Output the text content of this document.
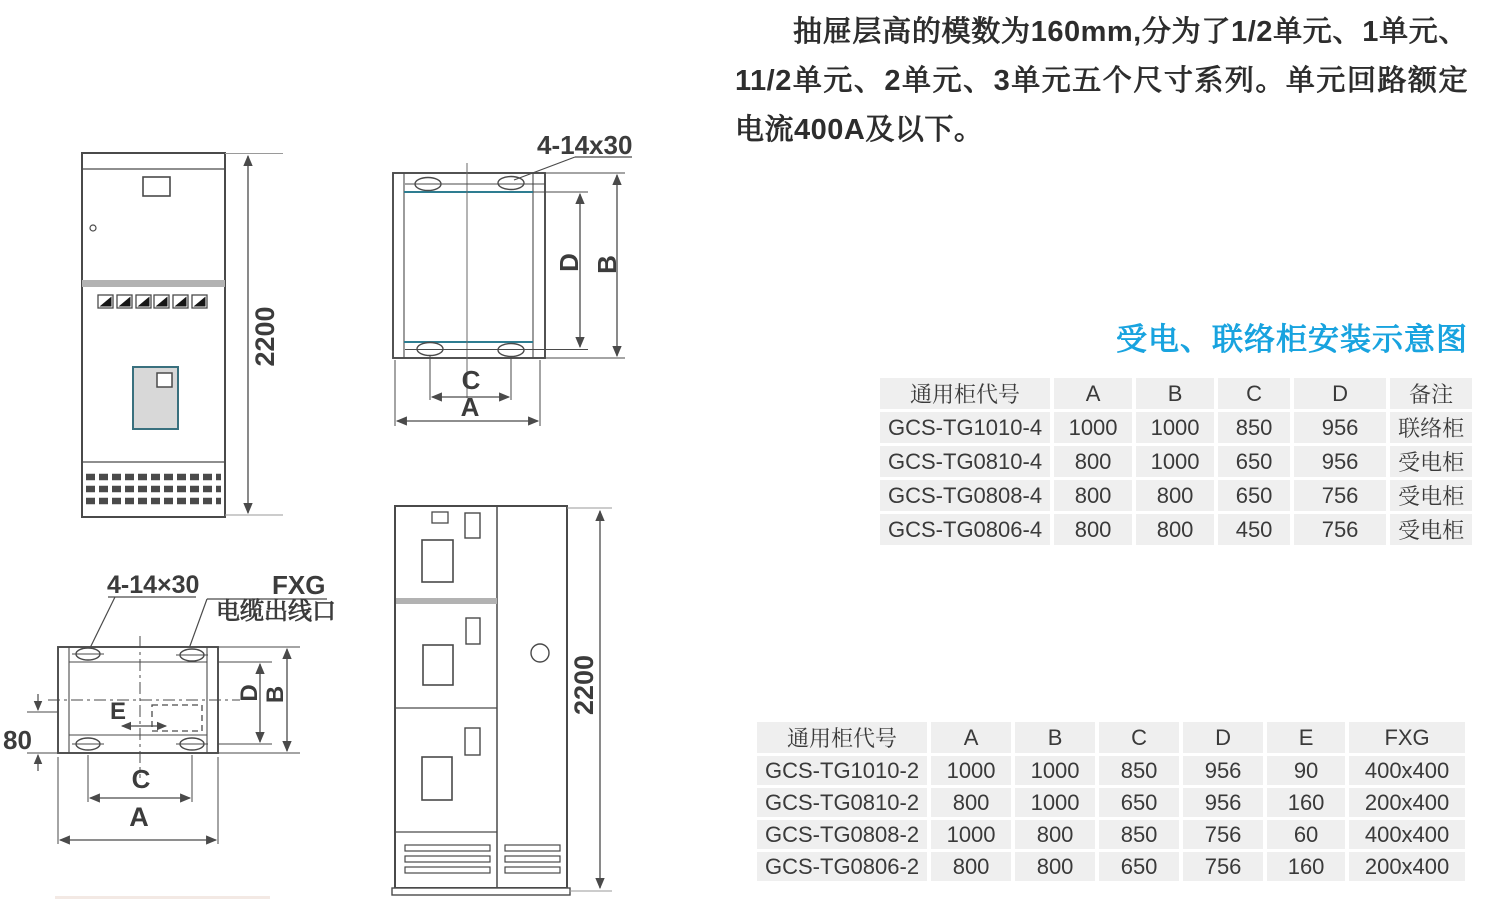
抽屉层高的模数为160mm,分为了1/2单元、1单元、11/2单元、2单元、3单元五个尺寸系列。单元回路额定电流400A及以下。
受电、联络柜安装示意图
通用柜代号	A	B	C	D	备注
GCS-TG1010-4	1000	1000	850	956	联络柜
GCS-TG0810-4	800	1000	650	956	受电柜
GCS-TG0808-4	800	800	650	756	受电柜
GCS-TG0806-4	800	800	450	756	受电柜
通用柜代号	A	B	C	D	E	FXG
GCS-TG1010-2	1000	1000	850	956	90	400x400
GCS-TG0810-2	800	1000	650	956	160	200x400
GCS-TG0808-2	1000	800	850	756	60	400x400
GCS-TG0806-2	800	800	650	756	160	200x400
2200
4-14x30
D B
C
A
4-14×30	FXG
电缆出线口
E
80
D B
C
A
2200
